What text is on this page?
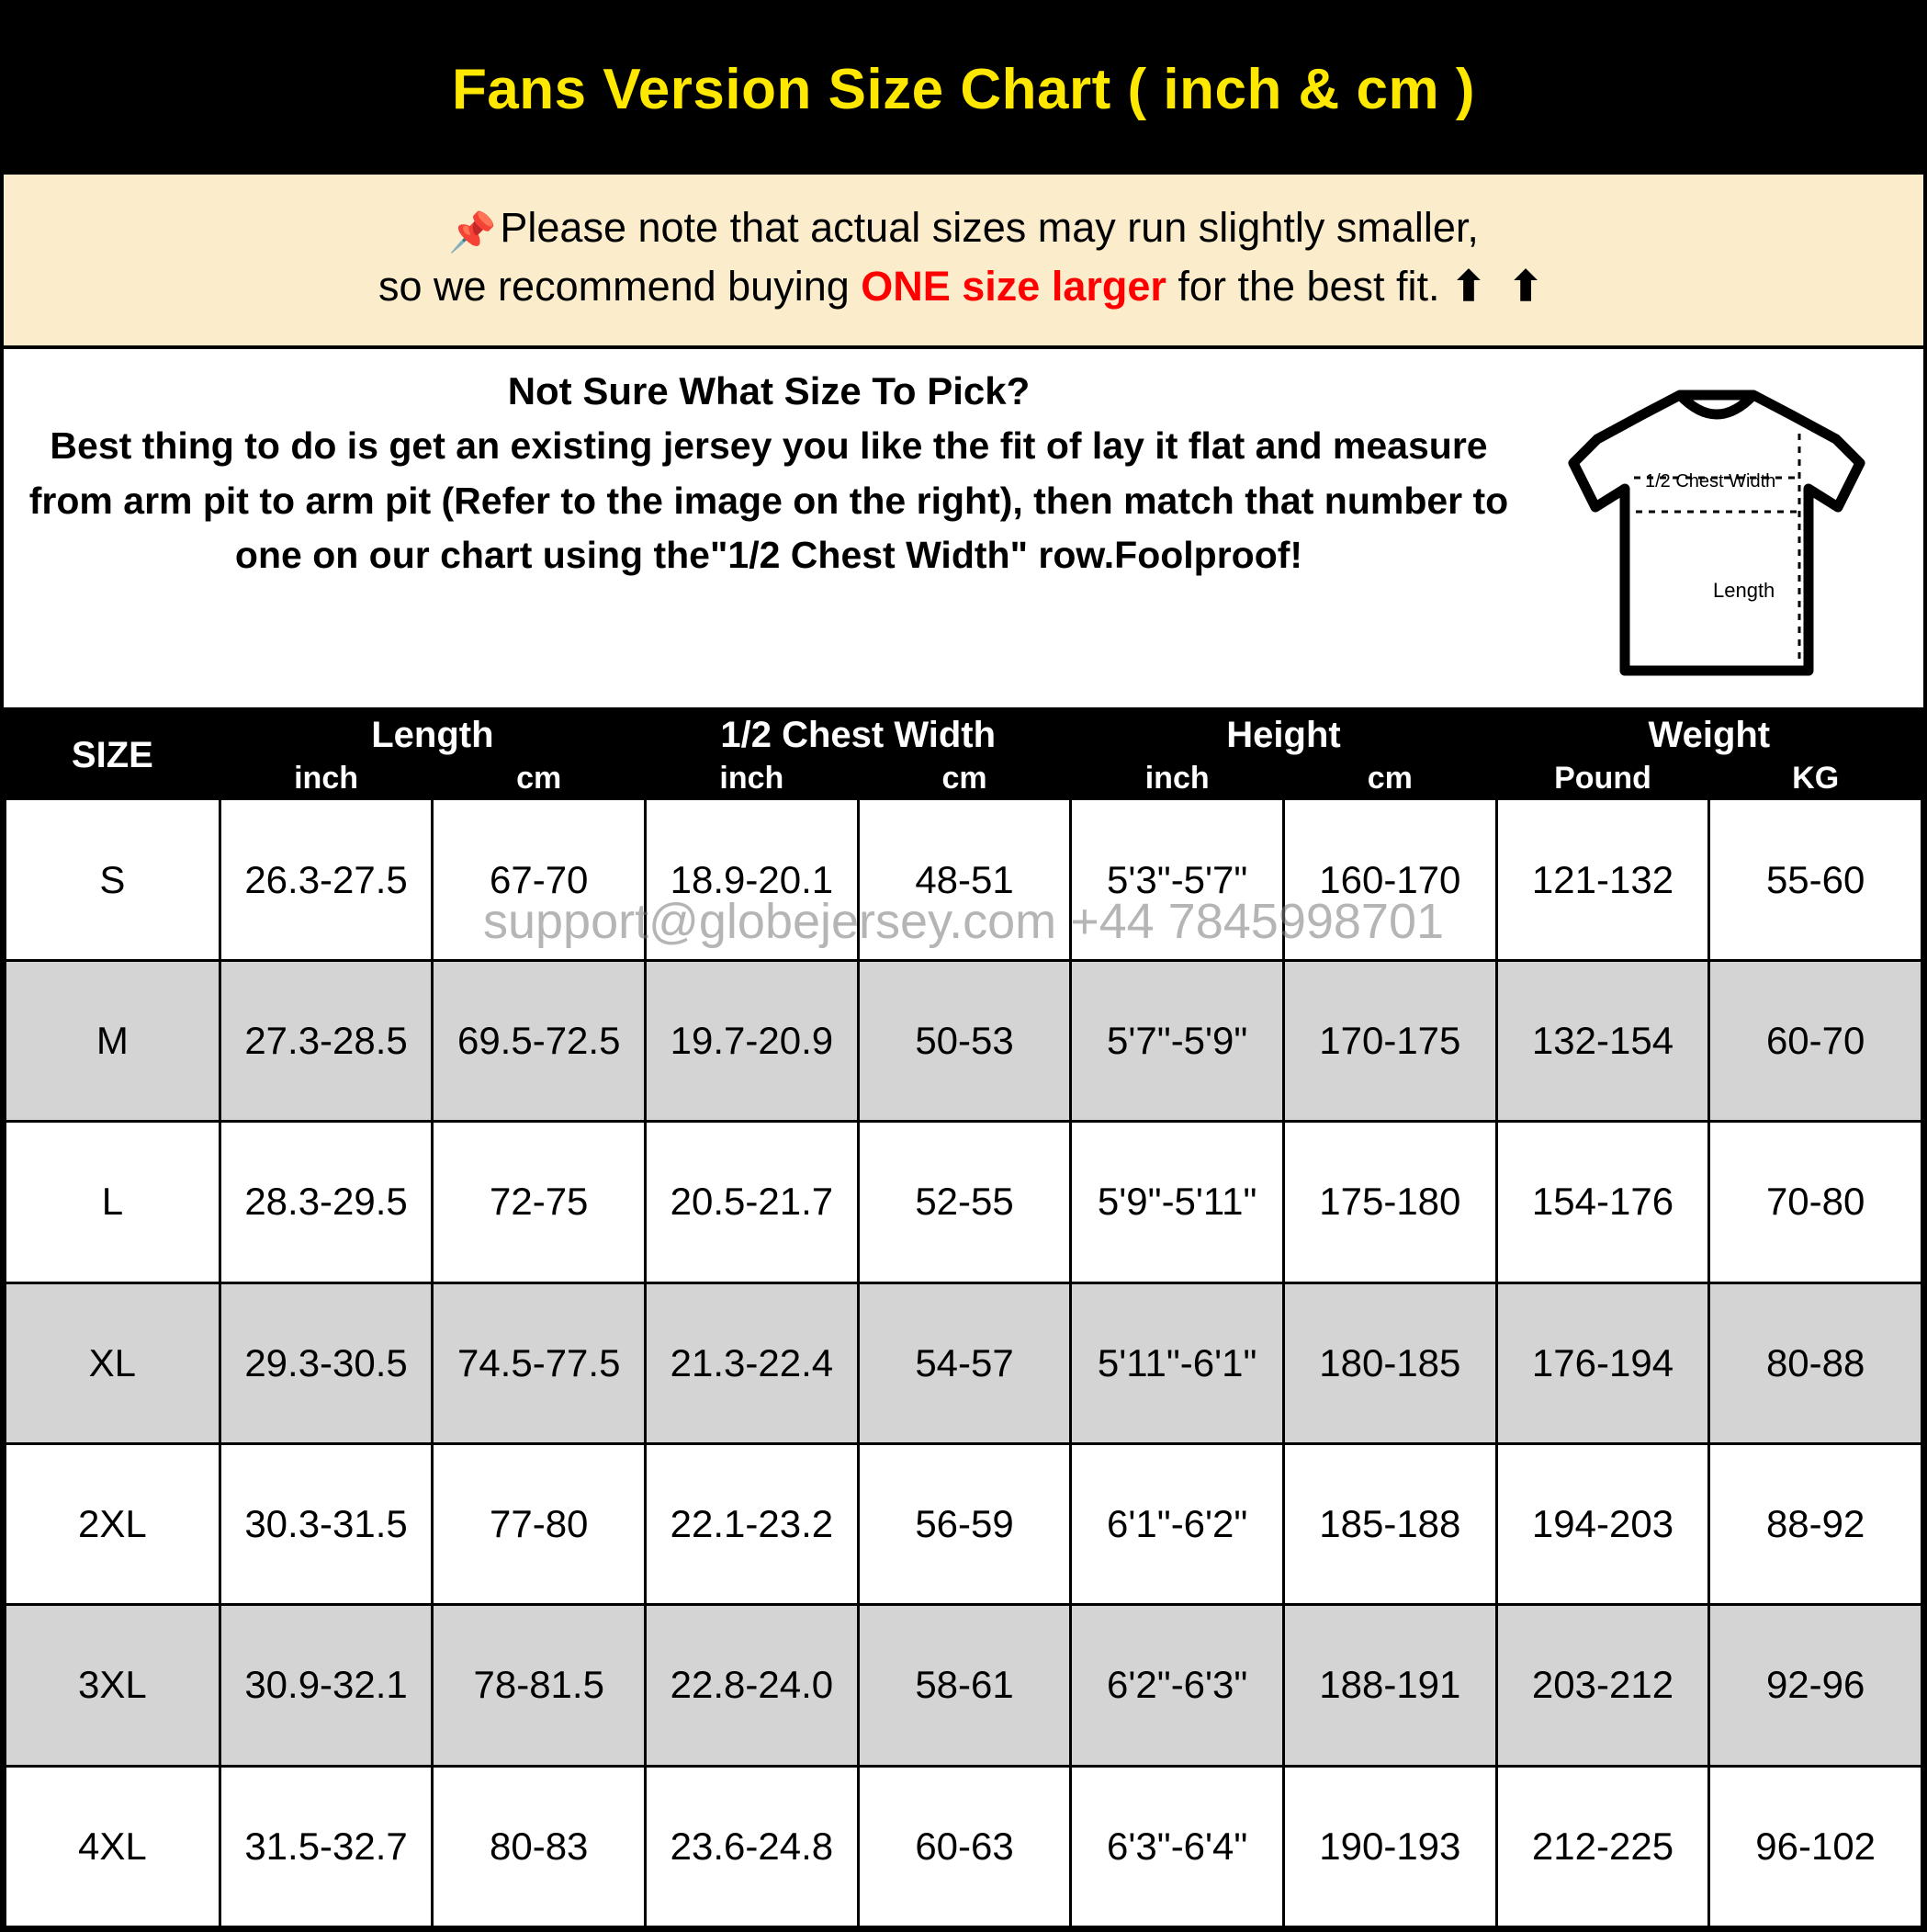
Fans Version Size Chart ( inch & cm )
📌Please note that actual sizes may run slightly smaller,
so we recommend buying ONE size larger for the best fit. ⬆ ⬆
Not Sure What Size To Pick?
Best thing to do is get an existing jersey you like the fit of lay it flat and measure from arm pit to arm pit (Refer to the image on the right), then match that number to one on our chart using the"1/2 Chest Width" row.Foolproof!
1/2 Chest Width
Length
support@globejersey.com +44 7845998701
SIZE	Length		1/2 Chest Width		Height		Weight	
	inch	cm	inch	cm	inch	cm	Pound	KG
S	26.3-27.5	67-70	18.9-20.1	48-51	5'3"-5'7"	160-170	121-132	55-60
M	27.3-28.5	69.5-72.5	19.7-20.9	50-53	5'7"-5'9"	170-175	132-154	60-70
L	28.3-29.5	72-75	20.5-21.7	52-55	5'9"-5'11"	175-180	154-176	70-80
XL	29.3-30.5	74.5-77.5	21.3-22.4	54-57	5'11"-6'1"	180-185	176-194	80-88
2XL	30.3-31.5	77-80	22.1-23.2	56-59	6'1"-6'2"	185-188	194-203	88-92
3XL	30.9-32.1	78-81.5	22.8-24.0	58-61	6'2"-6'3"	188-191	203-212	92-96
4XL	31.5-32.7	80-83	23.6-24.8	60-63	6'3"-6'4"	190-193	212-225	96-102
